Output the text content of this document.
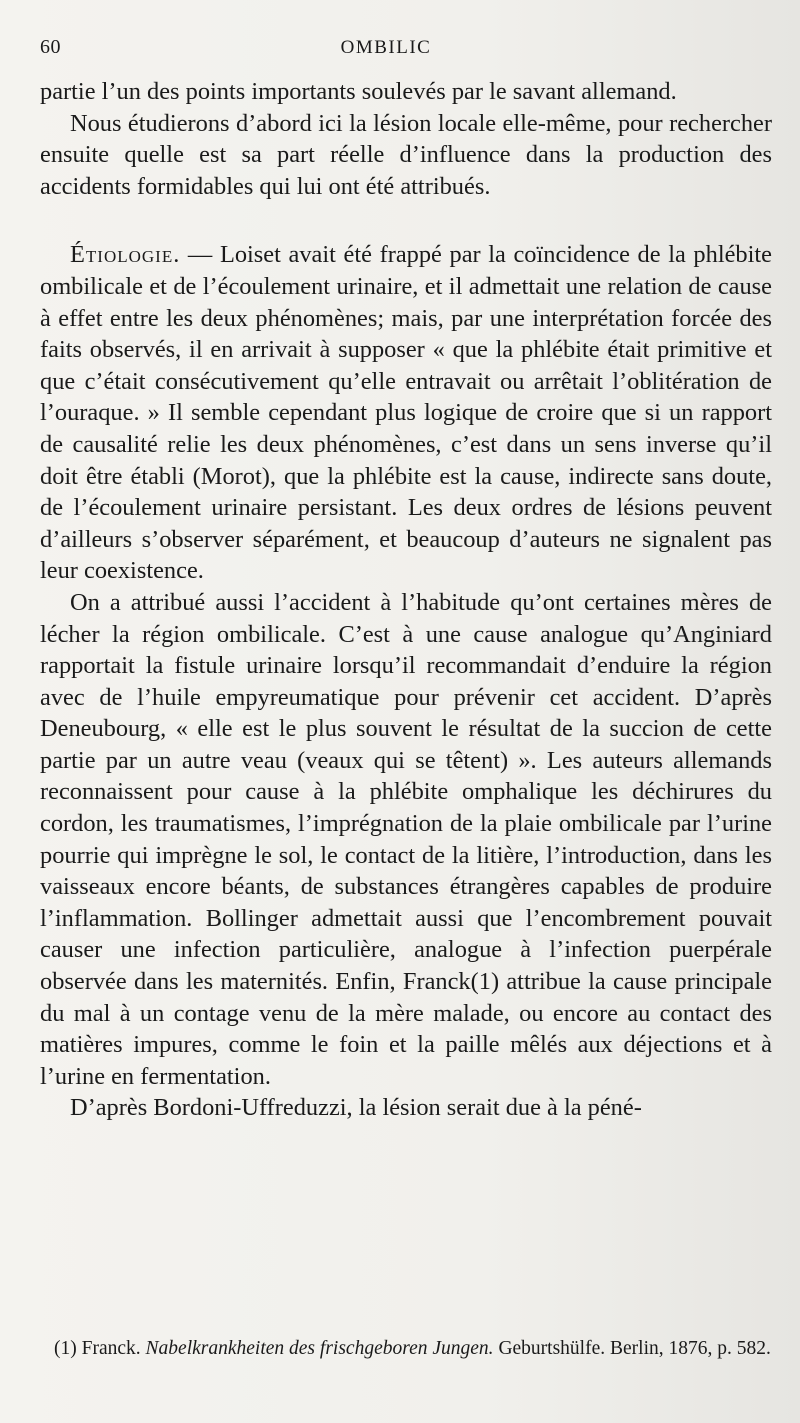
60	OMBILIC

partie l’un des points importants soulevés par le savant allemand.

Nous étudierons d’abord ici la lésion locale elle-même, pour rechercher ensuite quelle est sa part réelle d’influence dans la production des accidents formidables qui lui ont été attribués.

Étiologie. — Loiset avait été frappé par la coïncidence de la phlébite ombilicale et de l’écoulement urinaire, et il admettait une relation de cause à effet entre les deux phénomènes; mais, par une interprétation forcée des faits observés, il en arrivait à supposer « que la phlébite était primitive et que c’était consécutivement qu’elle entravait ou arrêtait l’oblitération de l’ouraque. » Il semble cependant plus logique de croire que si un rapport de causalité relie les deux phénomènes, c’est dans un sens inverse qu’il doit être établi (Morot), que la phlébite est la cause, indirecte sans doute, de l’écoulement urinaire persistant. Les deux ordres de lésions peuvent d’ailleurs s’observer séparément, et beaucoup d’auteurs ne signalent pas leur coexistence.

On a attribué aussi l’accident à l’habitude qu’ont certaines mères de lécher la région ombilicale. C’est à une cause analogue qu’Anginiard rapportait la fistule urinaire lorsqu’il recommandait d’enduire la région avec de l’huile empyreumatique pour prévenir cet accident. D’après Deneubourg, « elle est le plus souvent le résultat de la succion de cette partie par un autre veau (veaux qui se têtent) ». Les auteurs allemands reconnaissent pour cause à la phlébite omphalique les déchirures du cordon, les traumatismes, l’imprégnation de la plaie ombilicale par l’urine pourrie qui imprègne le sol, le contact de la litière, l’introduction, dans les vaisseaux encore béants, de substances étrangères capables de produire l’inflammation. Bollinger admettait aussi que l’encombrement pouvait causer une infection particulière, analogue à l’infection puerpérale observée dans les maternités. Enfin, Franck(1) attribue la cause principale du mal à un contage venu de la mère malade, ou encore au contact des matières impures, comme le foin et la paille mêlés aux déjections et à l’urine en fermentation.

D’après Bordoni-Uffreduzzi, la lésion serait due à la péné-

(1) Franck. Nabelkrankheiten des frischgeboren Jungen. Geburtshülfe. Berlin, 1876, p. 582.
